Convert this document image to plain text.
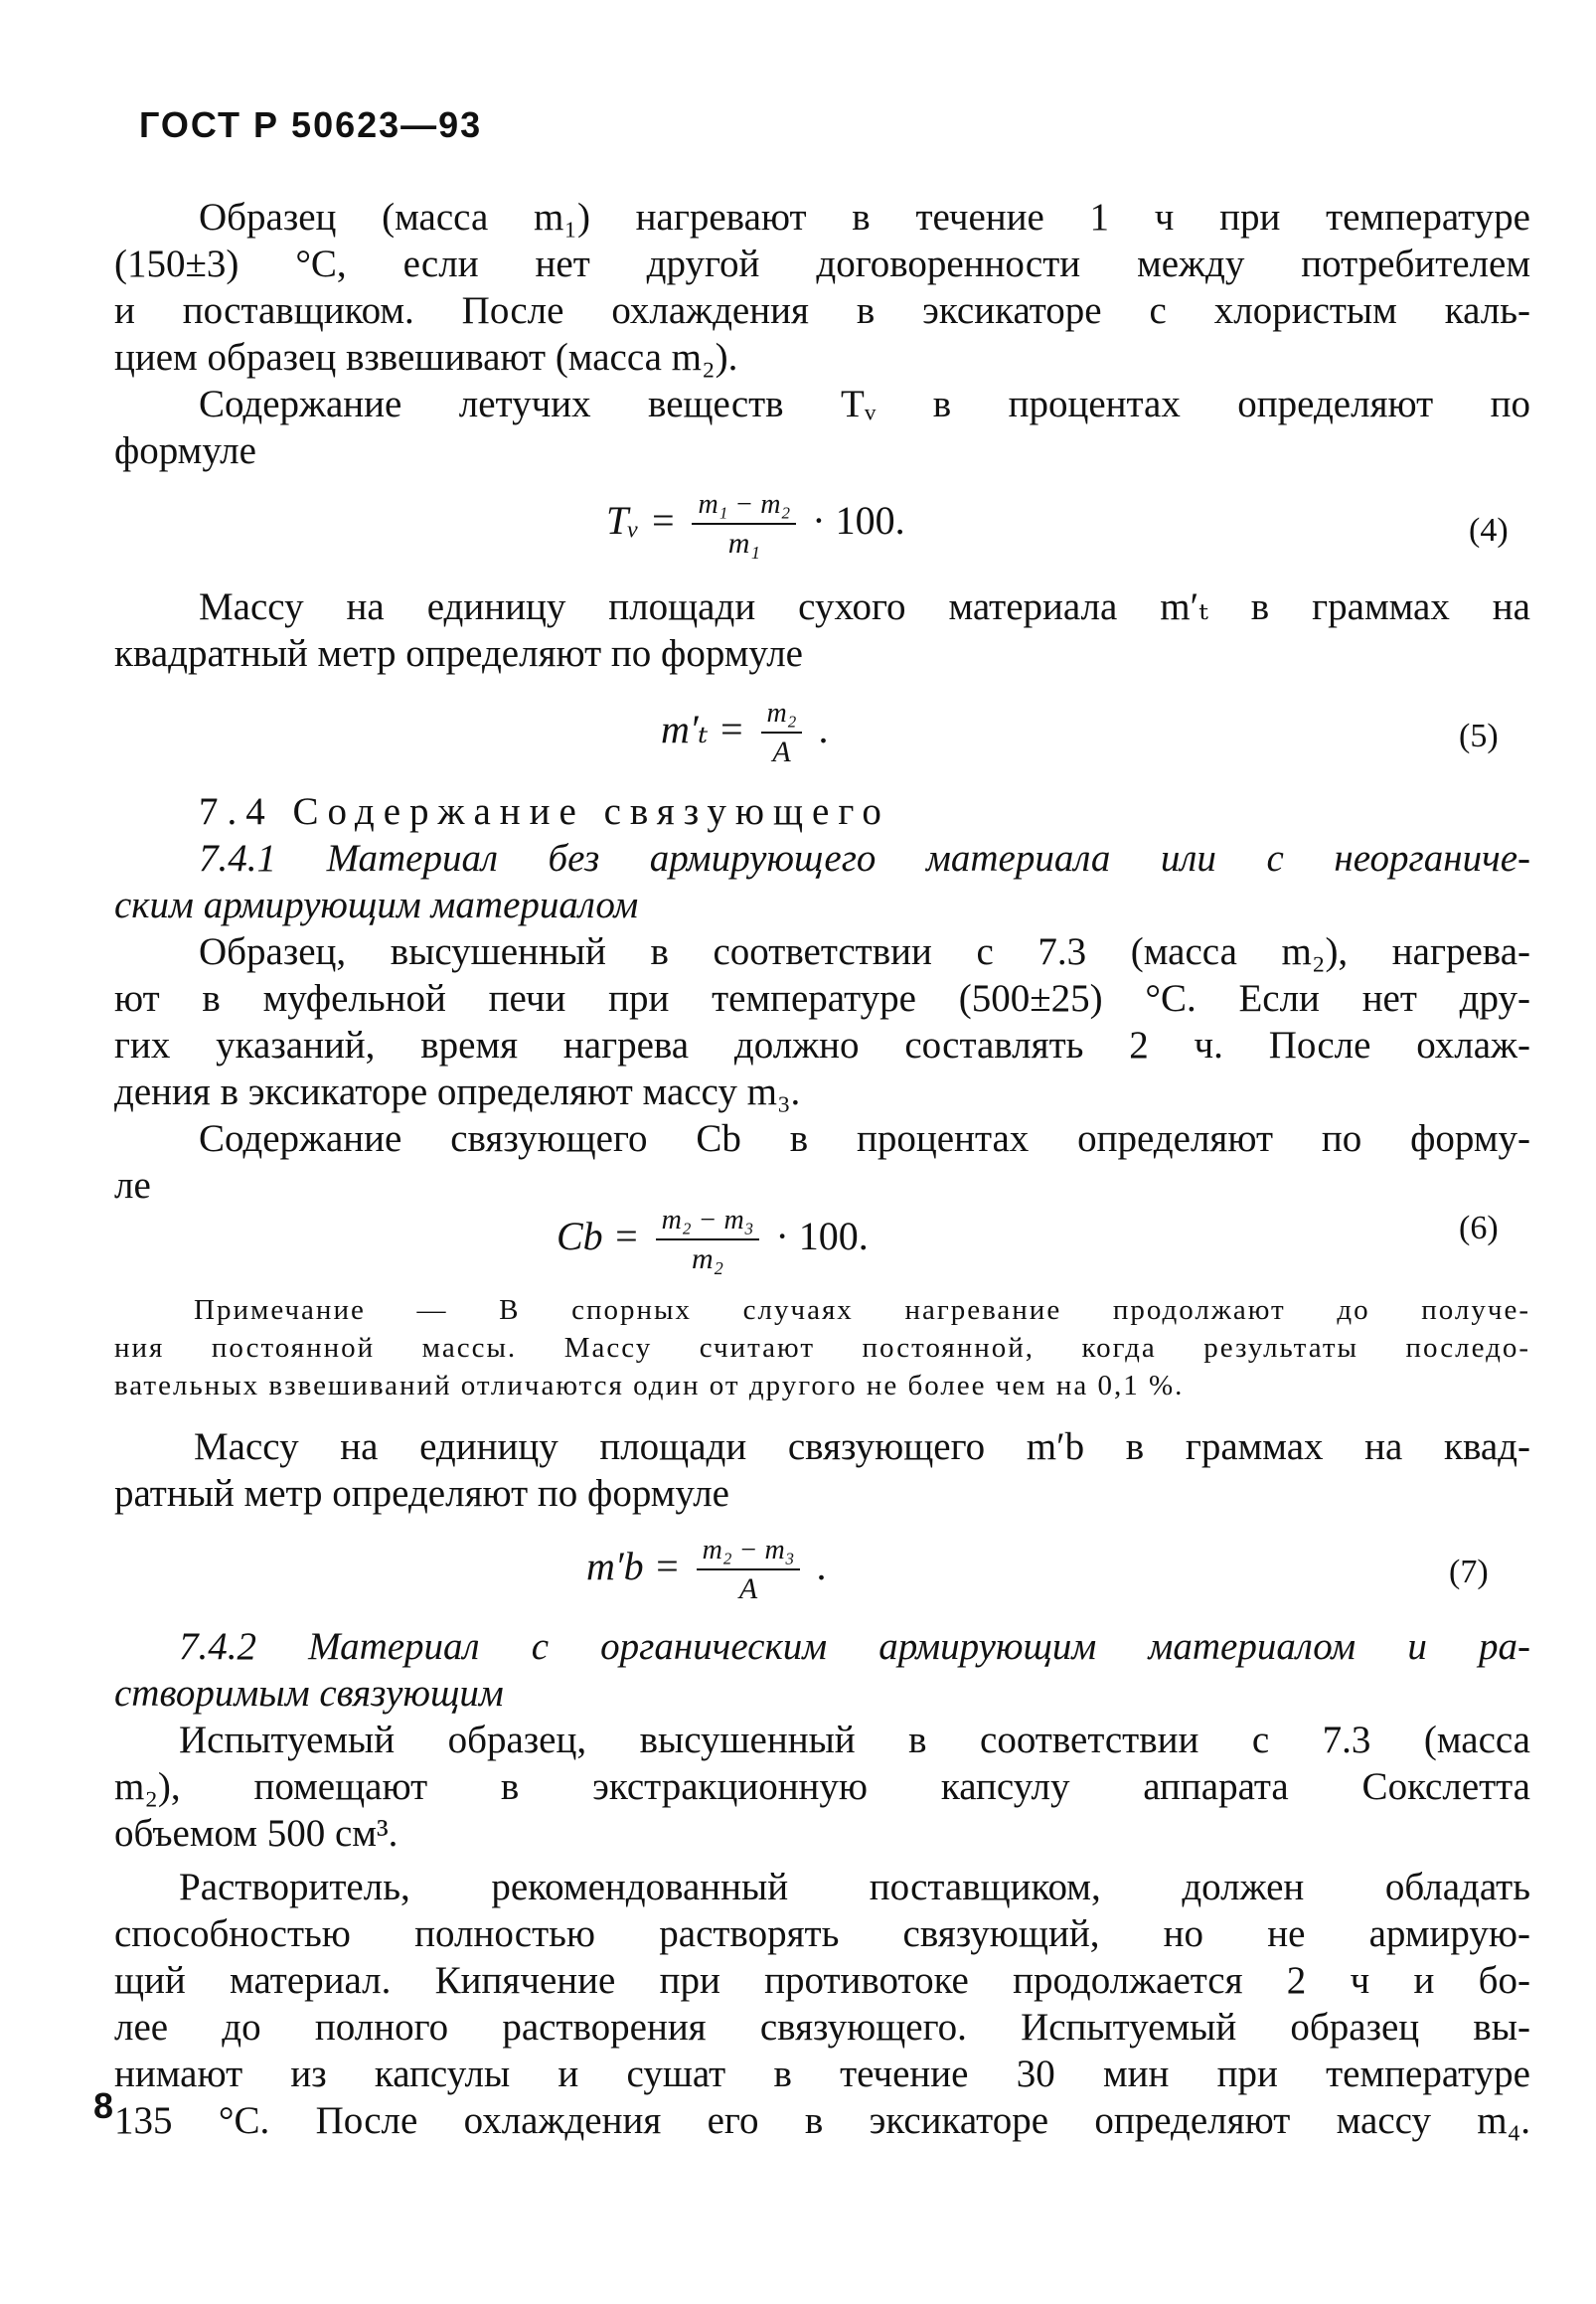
ГОСТ Р 50623—93
Образец (масса m₁) нагревают в течение 1 ч при температуре
(150±3) °С, если нет другой договоренности между потребителем
и поставщиком. После охлаждения в эксикаторе с хлористым каль-
цием образец взвешивают (масса m₂).
Содержание летучих веществ Tᵥ в процентах определяют по
формуле
Tᵥ = $\frac{\text{m₁ − m₂}}{\text{m₁}} \cdot 100$.	(4)
Массу на единицу площади сухого материала m′ₜ в граммах на
квадратный метр определяют по формуле
$m'_t = \frac{\text{m₂}}{A}$ .	(5)
7.4 Содержание связующего
7.4.1 Материал без армирующего материала или с неорганиче-
ским армирующим материалом
Образец, высушенный в соответствии с 7.3 (масса m₂), нагрева-
ют в муфельной печи при температуре (500±25) °С. Если нет дру-
гих указаний, время нагрева должно составлять 2 ч. После охлаж-
дения в эксикаторе определяют массу m₃.
Содержание связующего Cb в процентах определяют по форму-
ле
$Cb = \frac{\text{m₂ − m₃}}{\text{m₂}} \cdot 100$.	(6)
Примечание — В спорных случаях нагревание продолжают до получе-
ния постоянной массы. Массу считают постоянной, когда результаты последо-
вательных взвешиваний отличаются один от другого не более чем на 0,1 %.
Массу на единицу площади связующего m′b в граммах на квад-
ратный метр определяют по формуле
$m'b = \frac{\text{m₂ − m₃}}{A}$ .	(7)
7.4.2 Материал с органическим армирующим материалом и ра-
створимым связующим
Испытуемый образец, высушенный в соответствии с 7.3 (масса
m₂), помещают в экстракционную капсулу аппарата Сокслетта
объемом 500 см³.
Растворитель, рекомендованный поставщиком, должен обладать
способностью полностью растворять связующий, но не армирую-
щий материал. Кипячение при противотоке продолжается 2 ч и бо-
лее до полного растворения связующего. Испытуемый образец вы-
нимают из капсулы и сушат в течение 30 мин при температуре
135 °С. После охлаждения его в эксикаторе определяют массу m₄.
8
